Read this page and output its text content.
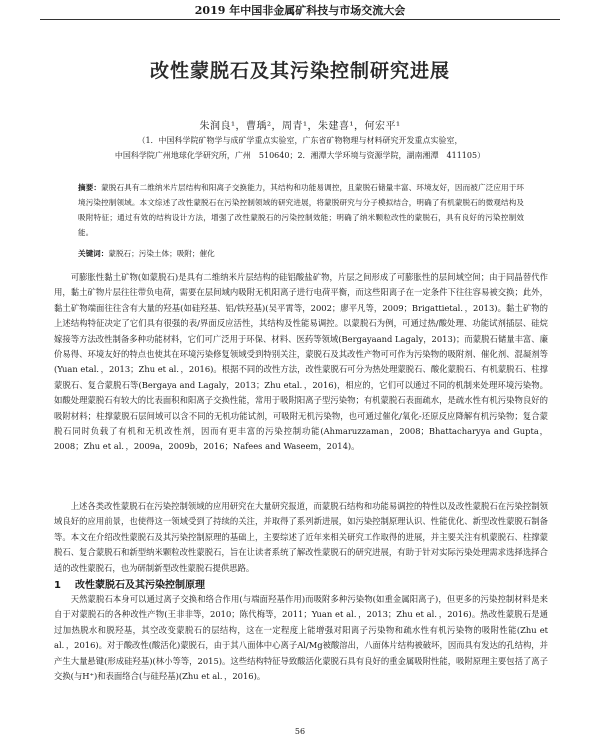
2019 年中国非金属矿科技与市场交流大会
改性蒙脱石及其污染控制研究进展
朱润良¹，曹瑀²，周青¹，朱建喜¹，何宏平¹
（1．中国科学院矿物学与成矿学重点实验室，广东省矿物物理与材料研究开发重点实验室，
中国科学院广州地球化学研究所，广州　510640；2．湘潭大学环境与资源学院，湖南湘潭　411105）
摘要：蒙脱石具有二维纳米片层结构和阳离子交换能力，其结构和功能易调控，且蒙脱石储量丰富、环境友好，因而被广泛应用于环境污染控制领域。本文综述了改性蒙脱石在污染控制领域的研究进展，将蒙脱研究与分子模拟结合，明确了有机蒙脱石的微观结构及吸附特征；通过有效的结构设计方法，增强了改性蒙脱石的污染控制效能；明确了纳米颗粒改性的蒙脱石，具有良好的污染控制效能。
关键词：蒙脱石；污染土体；吸附；催化

可膨胀性黏土矿物(如蒙脱石)是具有二维纳米片层结构的硅铝酸盐矿物，片层之间形成了可膨胀性的层间域空间；由于同晶替代作用，黏土矿物片层往往带负电荷，需要在层间域内吸附无机阳离子进行电荷平衡，而这些阳离子在一定条件下往往容易被交换；此外，黏土矿物端面往往含有大量的羟基(如硅羟基、铝/铁羟基)(吴平霄等，2002；廖平凡等，2009；Brigattietal．，2013)。黏土矿物的上述结构特征决定了它们具有很强的表/界面反应活性，其结构及性能易调控。以蒙脱石为例，可通过热/酸处理、功能试剂插层、硅烷嫁接等方法改性制备多种功能材料，它们可广泛用于环保、材料、医药等领域(Bergayaand Lagaly，2013)；而蒙脱石储量丰富、廉价易得、环境友好的特点也使其在环境污染修复领域受到特别关注，蒙脱石及其改性产物可可作为污染物的吸附剂、催化剂、混凝剂等(Yuan etal．，2013；Zhu et al．，2016)。根据不同的改性方法，改性蒙脱石可分为热处理蒙脱石、酸化蒙脱石、有机蒙脱石、柱撑蒙脱石、复合蒙脱石等(Bergaya and Lagaly，2013；Zhu etal．，2016)，相应的，它们可以通过不同的机制来处理环境污染物。如酸处理蒙脱石有较大的比表面积和阳离子交换性能，常用于吸附阳离子型污染物；有机蒙脱石表面疏水，是疏水性有机污染物良好的吸附材料；柱撑蒙脱石层间域可以含不同的无机功能试剂，可吸附无机污染物，也可通过催化/氧化-还原反应降解有机污染物；复合蒙脱石同时负载了有机和无机改性剂，因而有更丰富的污染控制功能(Ahmaruzzaman，2008；Bhattacharyya and Gupta，2008；Zhu et al．，2009a，2009b，2016；Nafees and Waseem，2014)。

上述各类改性蒙脱石在污染控制领域的应用研究在大量研究报道，而蒙脱石结构和功能易调控的特性以及改性蒙脱石在污染控制领域良好的应用前景，也使得这一领域受到了持续的关注，并取得了系列新进展，如污染控制原理认识、性能优化、新型改性蒙脱石制备等。本文在介绍改性蒙脱石及其污染控制原理的基础上，主要综述了近年来相关研究工作取得的进展，并主要关注有机蒙脱石、柱撑蒙脱石、复合蒙脱石和新型纳米颗粒改性蒙脱石，旨在让读者系统了解改性蒙脱石的研究进展，有助于针对实际污染处理需求选择选择合适的改性蒙脱石，也为研制新型改性蒙脱石提供思路。

1 改性蒙脱石及其污染控制原理

天然蒙脱石本身可以通过离子交换和络合作用(与端面羟基作用)而吸附多种污染物(如重金属阳离子)，但更多的污染控制材料是来自于对蒙脱石的各种改性产物(王非非等，2010；陈代梅等，2011；Yuan et al．，2013；Zhu et al．，2016)。热改性蒙脱石是通过加热脱水和脱羟基，其空改变蒙脱石的层结构，这在一定程度上能增强对阳离子污染物和疏水性有机污染物的吸附性能(Zhu et al．，2016)。对于酸改性(酸活化)蒙脱石，由于其八面体中心离子Al/Mg被酸溶出，八面体片结构被破坏，因而具有发达的孔结构，并产生大量悬键(形成硅羟基)(林小等等，2015)。这些结构特征导致酸活化蒙脱石具有良好的重金属吸附性能，吸附原理主要包括了离子交换(与H⁺)和表面络合(与硅羟基)(Zhu et al．，2016)。

56
